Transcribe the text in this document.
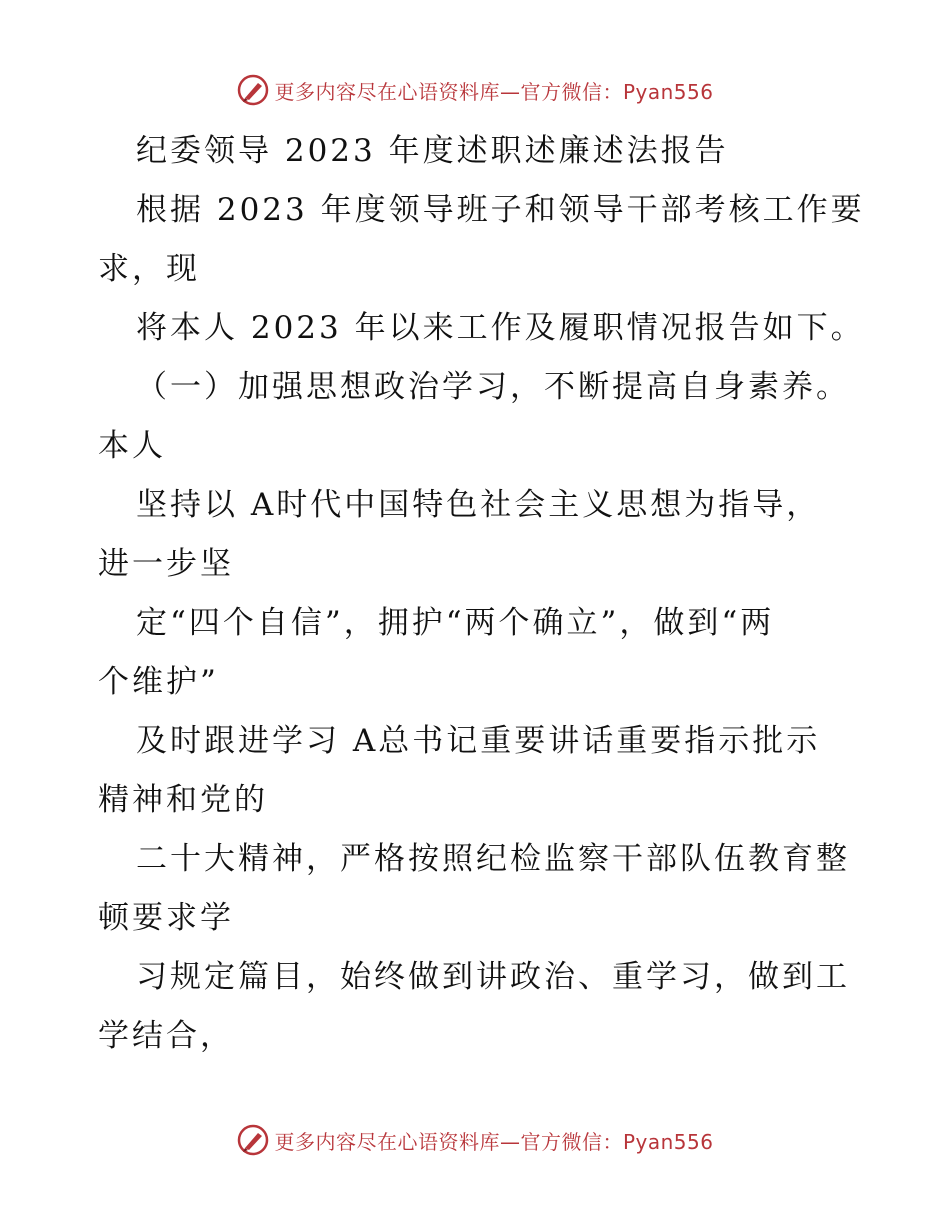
更多内容尽在心语资料库—官方微信：Pyan556
纪委领导 2023 年度述职述廉述法报告
根据 2023 年度领导班子和领导干部考核工作要
求，现
将本人 2023 年以来工作及履职情况报告如下。
（一）加强思想政治学习，不断提高自身素养。
本人
坚持以 A时代中国特色社会主义思想为指导，
进一步坚
定“四个自信”，拥护“两个确立”，做到“两
个维护”
及时跟进学习 A总书记重要讲话重要指示批示
精神和党的
二十大精神，严格按照纪检监察干部队伍教育整
顿要求学
习规定篇目，始终做到讲政治、重学习，做到工
学结合，
更多内容尽在心语资料库—官方微信：Pyan556
